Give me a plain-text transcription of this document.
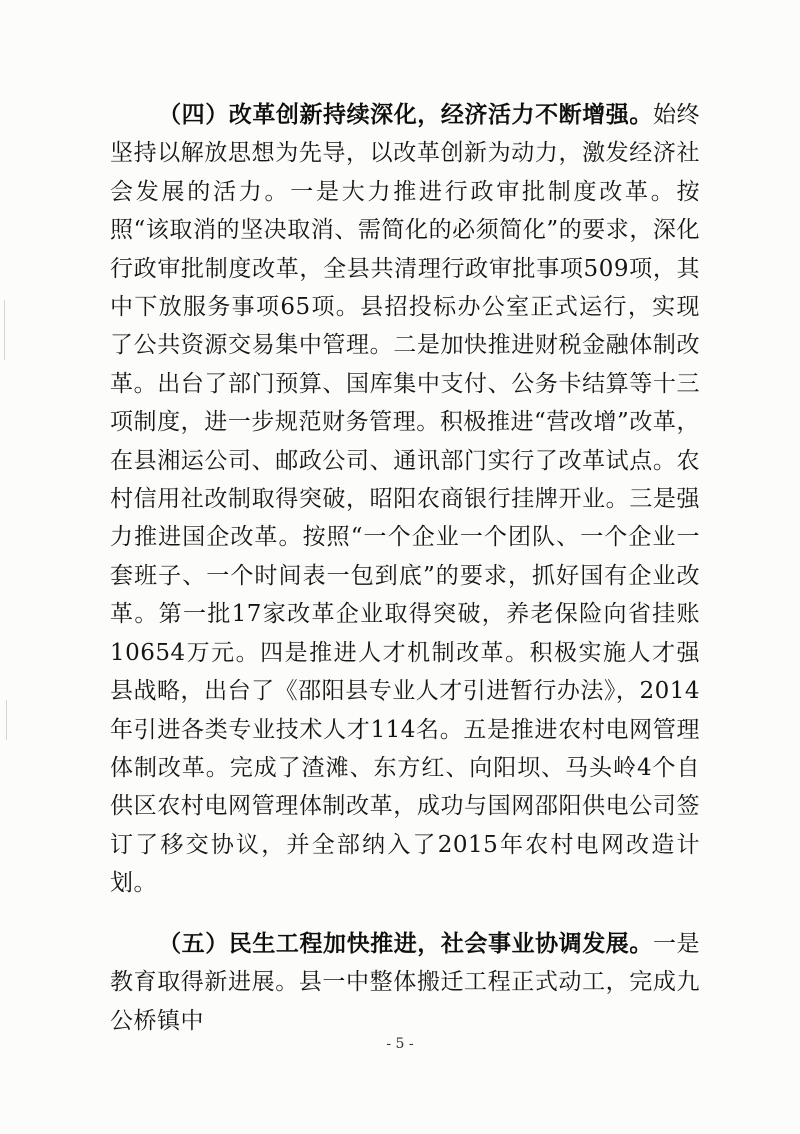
（四）改革创新持续深化，经济活力不断增强。始终坚持以解放思想为先导，以改革创新为动力，激发经济社会发展的活力。一是大力推进行政审批制度改革。按照“该取消的坚决取消、需简化的必须简化”的要求，深化行政审批制度改革，全县共清理行政审批事项509项，其中下放服务事项65项。县招投标办公室正式运行，实现了公共资源交易集中管理。二是加快推进财税金融体制改革。出台了部门预算、国库集中支付、公务卡结算等十三项制度，进一步规范财务管理。积极推进“营改增”改革，在县湘运公司、邮政公司、通讯部门实行了改革试点。农村信用社改制取得突破，昭阳农商银行挂牌开业。三是强力推进国企改革。按照“一个企业一个团队、一个企业一套班子、一个时间表一包到底”的要求，抓好国有企业改革。第一批17家改革企业取得突破，养老保险向省挂账10654万元。四是推进人才机制改革。积极实施人才强县战略，出台了《邵阳县专业人才引进暂行办法》，2014年引进各类专业技术人才114名。五是推进农村电网管理体制改革。完成了渣滩、东方红、向阳坝、马头岭4个自供区农村电网管理体制改革，成功与国网邵阳供电公司签订了移交协议，并全部纳入了2015年农村电网改造计划。

（五）民生工程加快推进，社会事业协调发展。一是教育取得新进展。县一中整体搬迁工程正式动工，完成九公桥镇中

- 5 -
